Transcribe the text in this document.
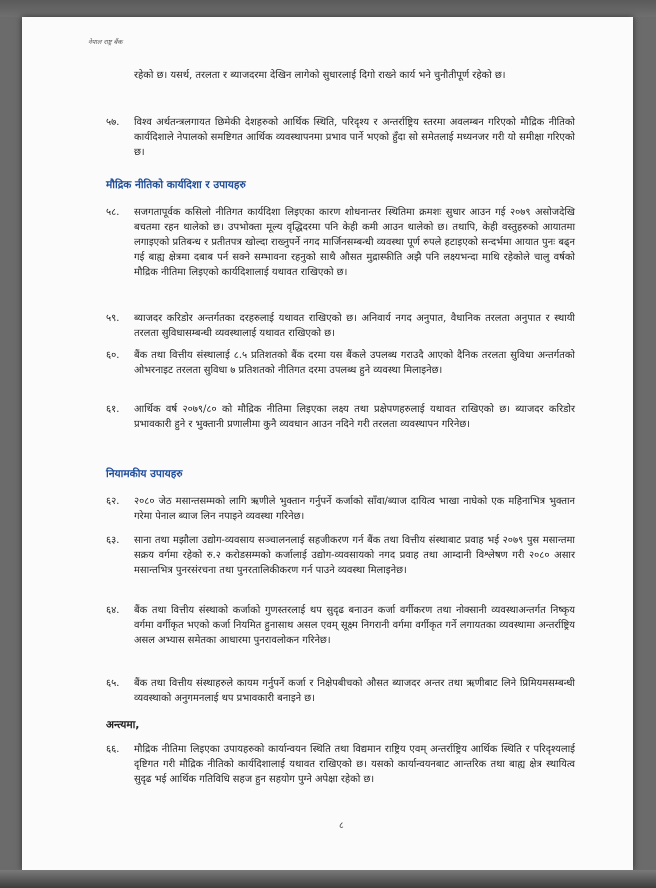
नेपाल राष्ट्र बैंक

रहेको छ। यसर्थ, तरलता र ब्याजदरमा देखिन लागेको सुधारलाई दिगो राख्ने कार्य भने चुनौतीपूर्ण रहेको छ।

५७. विश्व अर्थतन्त्रलगायत छिमेकी देशहरुको आर्थिक स्थिति, परिदृश्य र अन्तर्राष्ट्रिय स्तरमा अवलम्बन गरिएको मौद्रिक नीतिको कार्यदिशाले नेपालको समष्टिगत आर्थिक व्यवस्थापनमा प्रभाव पार्ने भएको हुँदा सो समेतलाई मध्यनजर गरी यो समीक्षा गरिएको छ।

मौद्रिक नीतिको कार्यदिशा र उपायहरु

५८. सजगतापूर्वक कसिलो नीतिगत कार्यदिशा लिइएका कारण शोधनान्तर स्थितिमा क्रमशः सुधार आउन गई २०७९ असोजदेखि बचतमा रहन थालेको छ। उपभोक्ता मूल्य वृद्धिदरमा पनि केही कमी आउन थालेको छ। तथापि, केही वस्तुहरुको आयातमा लगाइएको प्रतिबन्ध र प्रतीतपत्र खोल्दा राख्नुपर्ने नगद मार्जिनसम्बन्धी व्यवस्था पूर्ण रुपले हटाइएको सन्दर्भमा आयात पुनः बढ्न गई बाह्य क्षेत्रमा दबाब पर्न सक्ने सम्भावना रहनुको साथै औसत मुद्रास्फीति अझै पनि लक्ष्यभन्दा माथि रहेकोले चालु वर्षको मौद्रिक नीतिमा लिइएको कार्यदिशालाई यथावत राखिएको छ।

५९. ब्याजदर करिडोर अन्तर्गतका दरहरुलाई यथावत राखिएको छ। अनिवार्य नगद अनुपात, वैधानिक तरलता अनुपात र स्थायी तरलता सुविधासम्बन्धी व्यवस्थालाई यथावत राखिएको छ।

६०. बैंक तथा वित्तीय संस्थालाई ८.५ प्रतिशतको बैंक दरमा यस बैंकले उपलब्ध गराउदै आएको दैनिक तरलता सुविधा अन्तर्गतको ओभरनाइट तरलता सुविधा ७ प्रतिशतको नीतिगत दरमा उपलब्ध हुने व्यवस्था मिलाइनेछ।

६१. आर्थिक वर्ष २०७९/८० को मौद्रिक नीतिमा लिइएका लक्ष्य तथा प्रक्षेपणहरुलाई यथावत राखिएको छ। ब्याजदर करिडोर प्रभावकारी हुने र भुक्तानी प्रणालीमा कुनै व्यवधान आउन नदिने गरी तरलता व्यवस्थापन गरिनेछ।

नियामकीय उपायहरु

६२. २०८० जेठ मसान्तसम्मको लागि ऋणीले भुक्तान गर्नुपर्ने कर्जाको साँवा/ब्याज दायित्व भाखा नाघेको एक महिनाभित्र भुक्तान गरेमा पेनाल ब्याज लिन नपाइने व्यवस्था गरिनेछ।

६३. साना तथा मझौला उद्योग-व्यवसाय सञ्चालनलाई सहजीकरण गर्न बैंक तथा वित्तीय संस्थाबाट प्रवाह भई २०७९ पुस मसान्तमा सक्रय वर्गमा रहेको रु.२ करोडसम्मको कर्जालाई उद्योग-व्यवसायको नगद प्रवाह तथा आम्दानी विश्लेषण गरी २०८० असार मसान्तभित्र पुनरसंरचना तथा पुनरतालिकीकरण गर्न पाउने व्यवस्था मिलाइनेछ।

६४. बैंक तथा वित्तीय संस्थाको कर्जाको गुणस्तरलाई थप सुदृढ बनाउन कर्जा वर्गीकरण तथा नोक्सानी व्यवस्थाअन्तर्गत निष्कृय वर्गमा वर्गीकृत भएको कर्जा नियमित हुनासाथ असल एवम् सूक्ष्म निगरानी वर्गमा वर्गीकृत गर्ने लगायतका व्यवस्थामा अन्तर्राष्ट्रिय असल अभ्यास समेतका आधारमा पुनरावलोकन गरिनेछ।

६५. बैंक तथा वित्तीय संस्थाहरुले कायम गर्नुपर्ने कर्जा र निक्षेपबीचको औसत ब्याजदर अन्तर तथा ऋणीबाट लिने प्रिमियमसम्बन्धी व्यवस्थाको अनुगमनलाई थप प्रभावकारी बनाइने छ।

अन्त्यमा,

६६. मौद्रिक नीतिमा लिइएका उपायहरुको कार्यान्वयन स्थिति तथा विद्यमान राष्ट्रिय एवम् अन्तर्राष्ट्रिय आर्थिक स्थिति र परिदृश्यलाई दृष्टिगत गरी मौद्रिक नीतिको कार्यदिशालाई यथावत राखिएको छ। यसको कार्यान्वयनबाट आन्तरिक तथा बाह्य क्षेत्र स्थायित्व सुदृढ भई आर्थिक गतिविधि सहज हुन सहयोग पुग्ने अपेक्षा रहेको छ।

८
